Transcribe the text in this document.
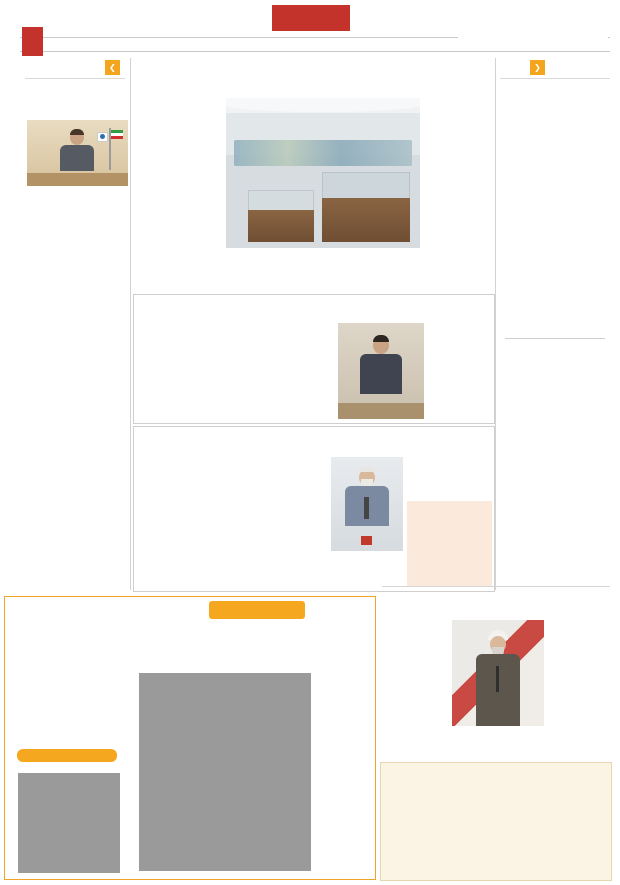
❮	❯
